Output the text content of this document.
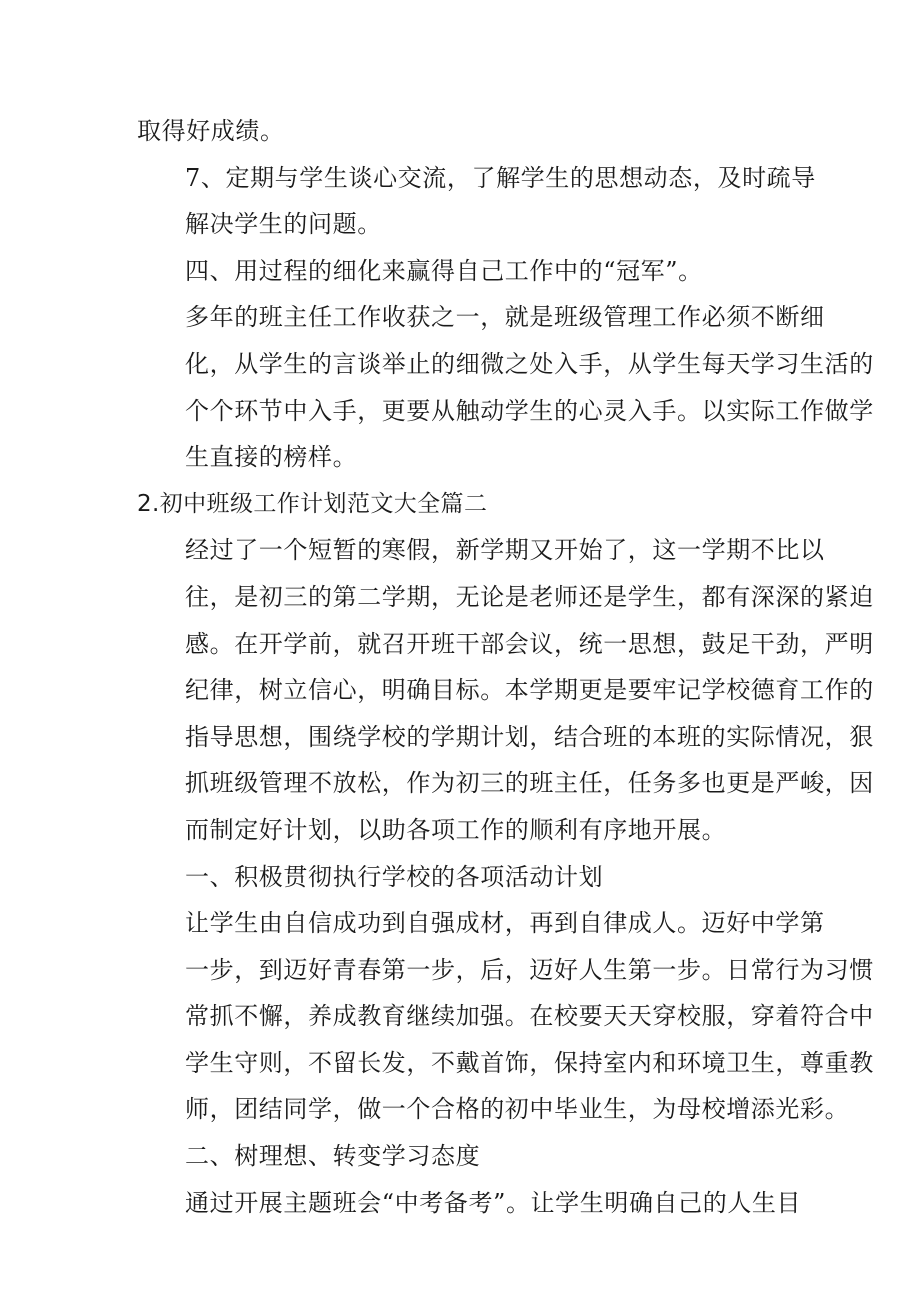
取得好成绩。
7、定期与学生谈心交流，了解学生的思想动态，及时疏导
解决学生的问题。
四、用过程的细化来赢得自己工作中的“冠军”。
多年的班主任工作收获之一，就是班级管理工作必须不断细
化，从学生的言谈举止的细微之处入手，从学生每天学习生活的
个个环节中入手，更要从触动学生的心灵入手。以实际工作做学
生直接的榜样。
2.初中班级工作计划范文大全篇二
经过了一个短暂的寒假，新学期又开始了，这一学期不比以
往，是初三的第二学期，无论是老师还是学生，都有深深的紧迫
感。在开学前，就召开班干部会议，统一思想，鼓足干劲，严明
纪律，树立信心，明确目标。本学期更是要牢记学校德育工作的
指导思想，围绕学校的学期计划，结合班的本班的实际情况，狠
抓班级管理不放松，作为初三的班主任，任务多也更是严峻，因
而制定好计划，以助各项工作的顺利有序地开展。
一、积极贯彻执行学校的各项活动计划
让学生由自信成功到自强成材，再到自律成人。迈好中学第
一步，到迈好青春第一步，后，迈好人生第一步。日常行为习惯
常抓不懈，养成教育继续加强。在校要天天穿校服，穿着符合中
学生守则，不留长发，不戴首饰，保持室内和环境卫生，尊重教
师，团结同学，做一个合格的初中毕业生，为母校增添光彩。
二、树理想、转变学习态度
通过开展主题班会“中考备考”。让学生明确自己的人生目
